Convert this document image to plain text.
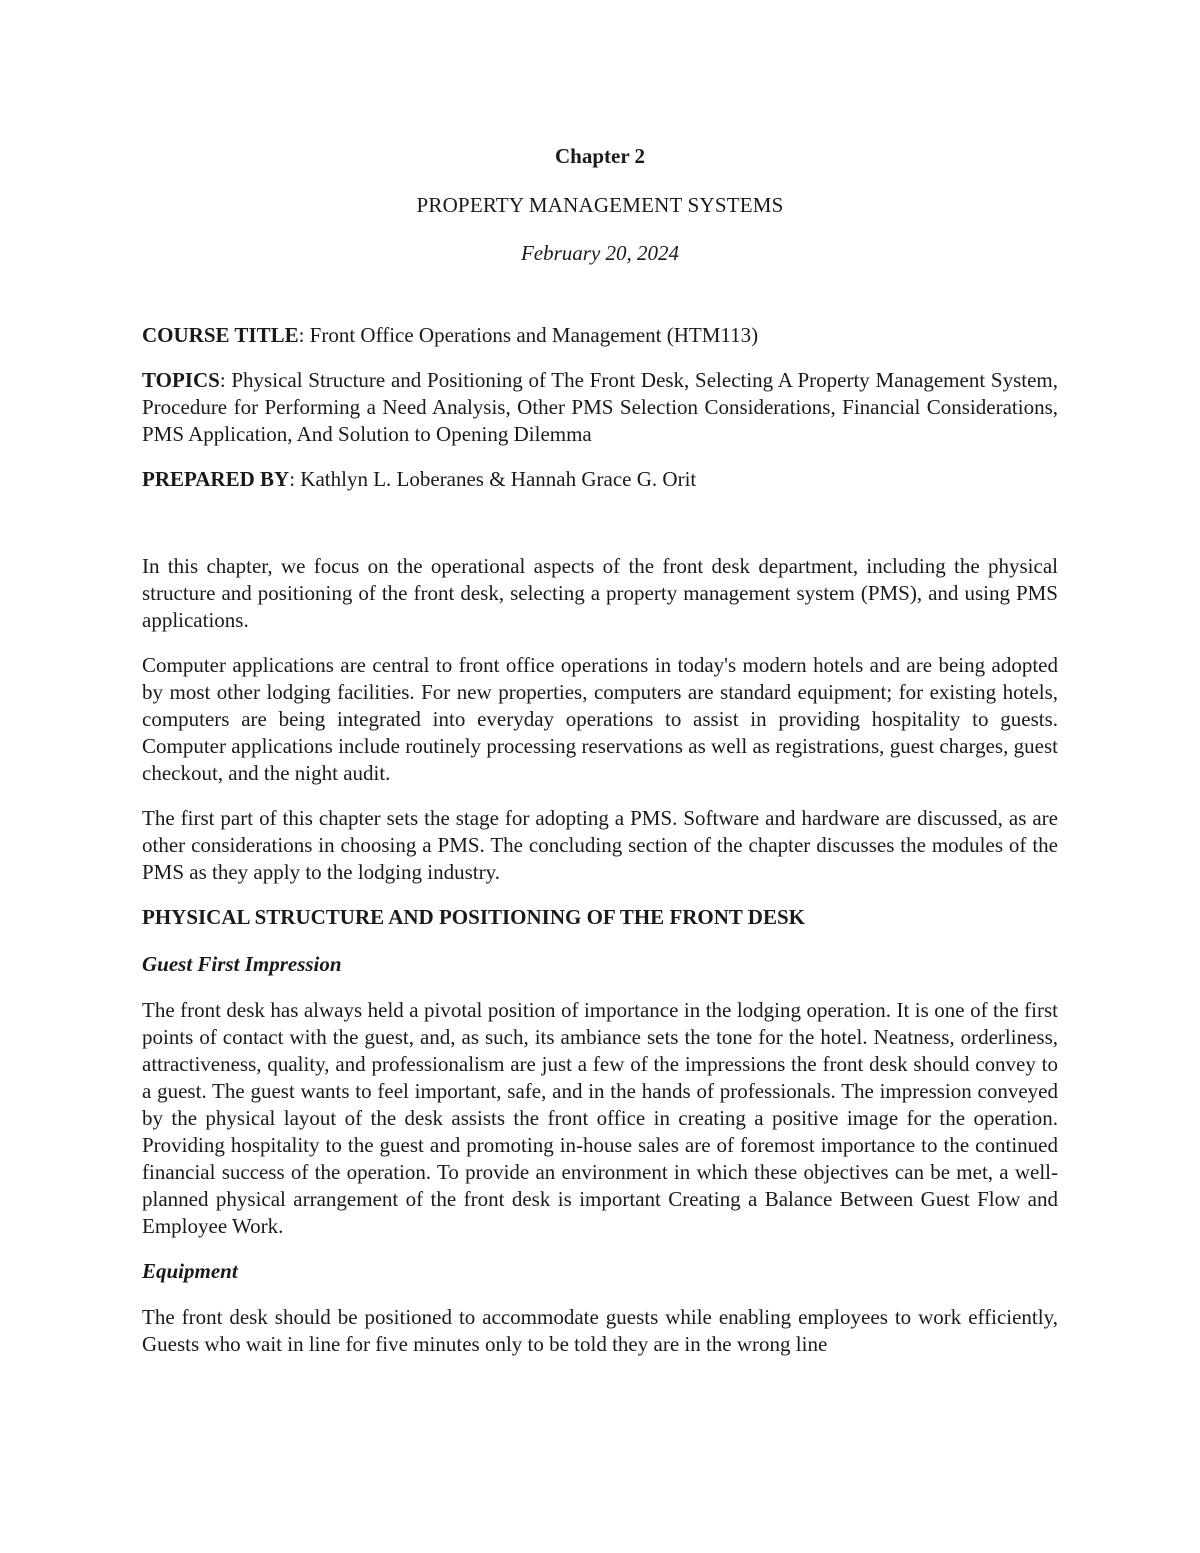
Chapter 2
PROPERTY MANAGEMENT SYSTEMS
February 20, 2024

COURSE TITLE: Front Office Operations and Management (HTM113)

TOPICS: Physical Structure and Positioning of The Front Desk, Selecting A Property Management System, Procedure for Performing a Need Analysis, Other PMS Selection Considerations, Financial Considerations, PMS Application, And Solution to Opening Dilemma

PREPARED BY: Kathlyn L. Loberanes & Hannah Grace G. Orit

In this chapter, we focus on the operational aspects of the front desk department, including the physical structure and positioning of the front desk, selecting a property management system (PMS), and using PMS applications.

Computer applications are central to front office operations in today's modern hotels and are being adopted by most other lodging facilities. For new properties, computers are standard equipment; for existing hotels, computers are being integrated into everyday operations to assist in providing hospitality to guests. Computer applications include routinely processing reservations as well as registrations, guest charges, guest checkout, and the night audit.

The first part of this chapter sets the stage for adopting a PMS. Software and hardware are discussed, as are other considerations in choosing a PMS. The concluding section of the chapter discusses the modules of the PMS as they apply to the lodging industry.

PHYSICAL STRUCTURE AND POSITIONING OF THE FRONT DESK
Guest First Impression

The front desk has always held a pivotal position of importance in the lodging operation. It is one of the first points of contact with the guest, and, as such, its ambiance sets the tone for the hotel. Neatness, orderliness, attractiveness, quality, and professionalism are just a few of the impressions the front desk should convey to a guest. The guest wants to feel important, safe, and in the hands of professionals. The impression conveyed by the physical layout of the desk assists the front office in creating a positive image for the operation. Providing hospitality to the guest and promoting in-house sales are of foremost importance to the continued financial success of the operation. To provide an environment in which these objectives can be met, a well-planned physical arrangement of the front desk is important Creating a Balance Between Guest Flow and Employee Work.

Equipment

The front desk should be positioned to accommodate guests while enabling employees to work efficiently, Guests who wait in line for five minutes only to be told they are in the wrong line
